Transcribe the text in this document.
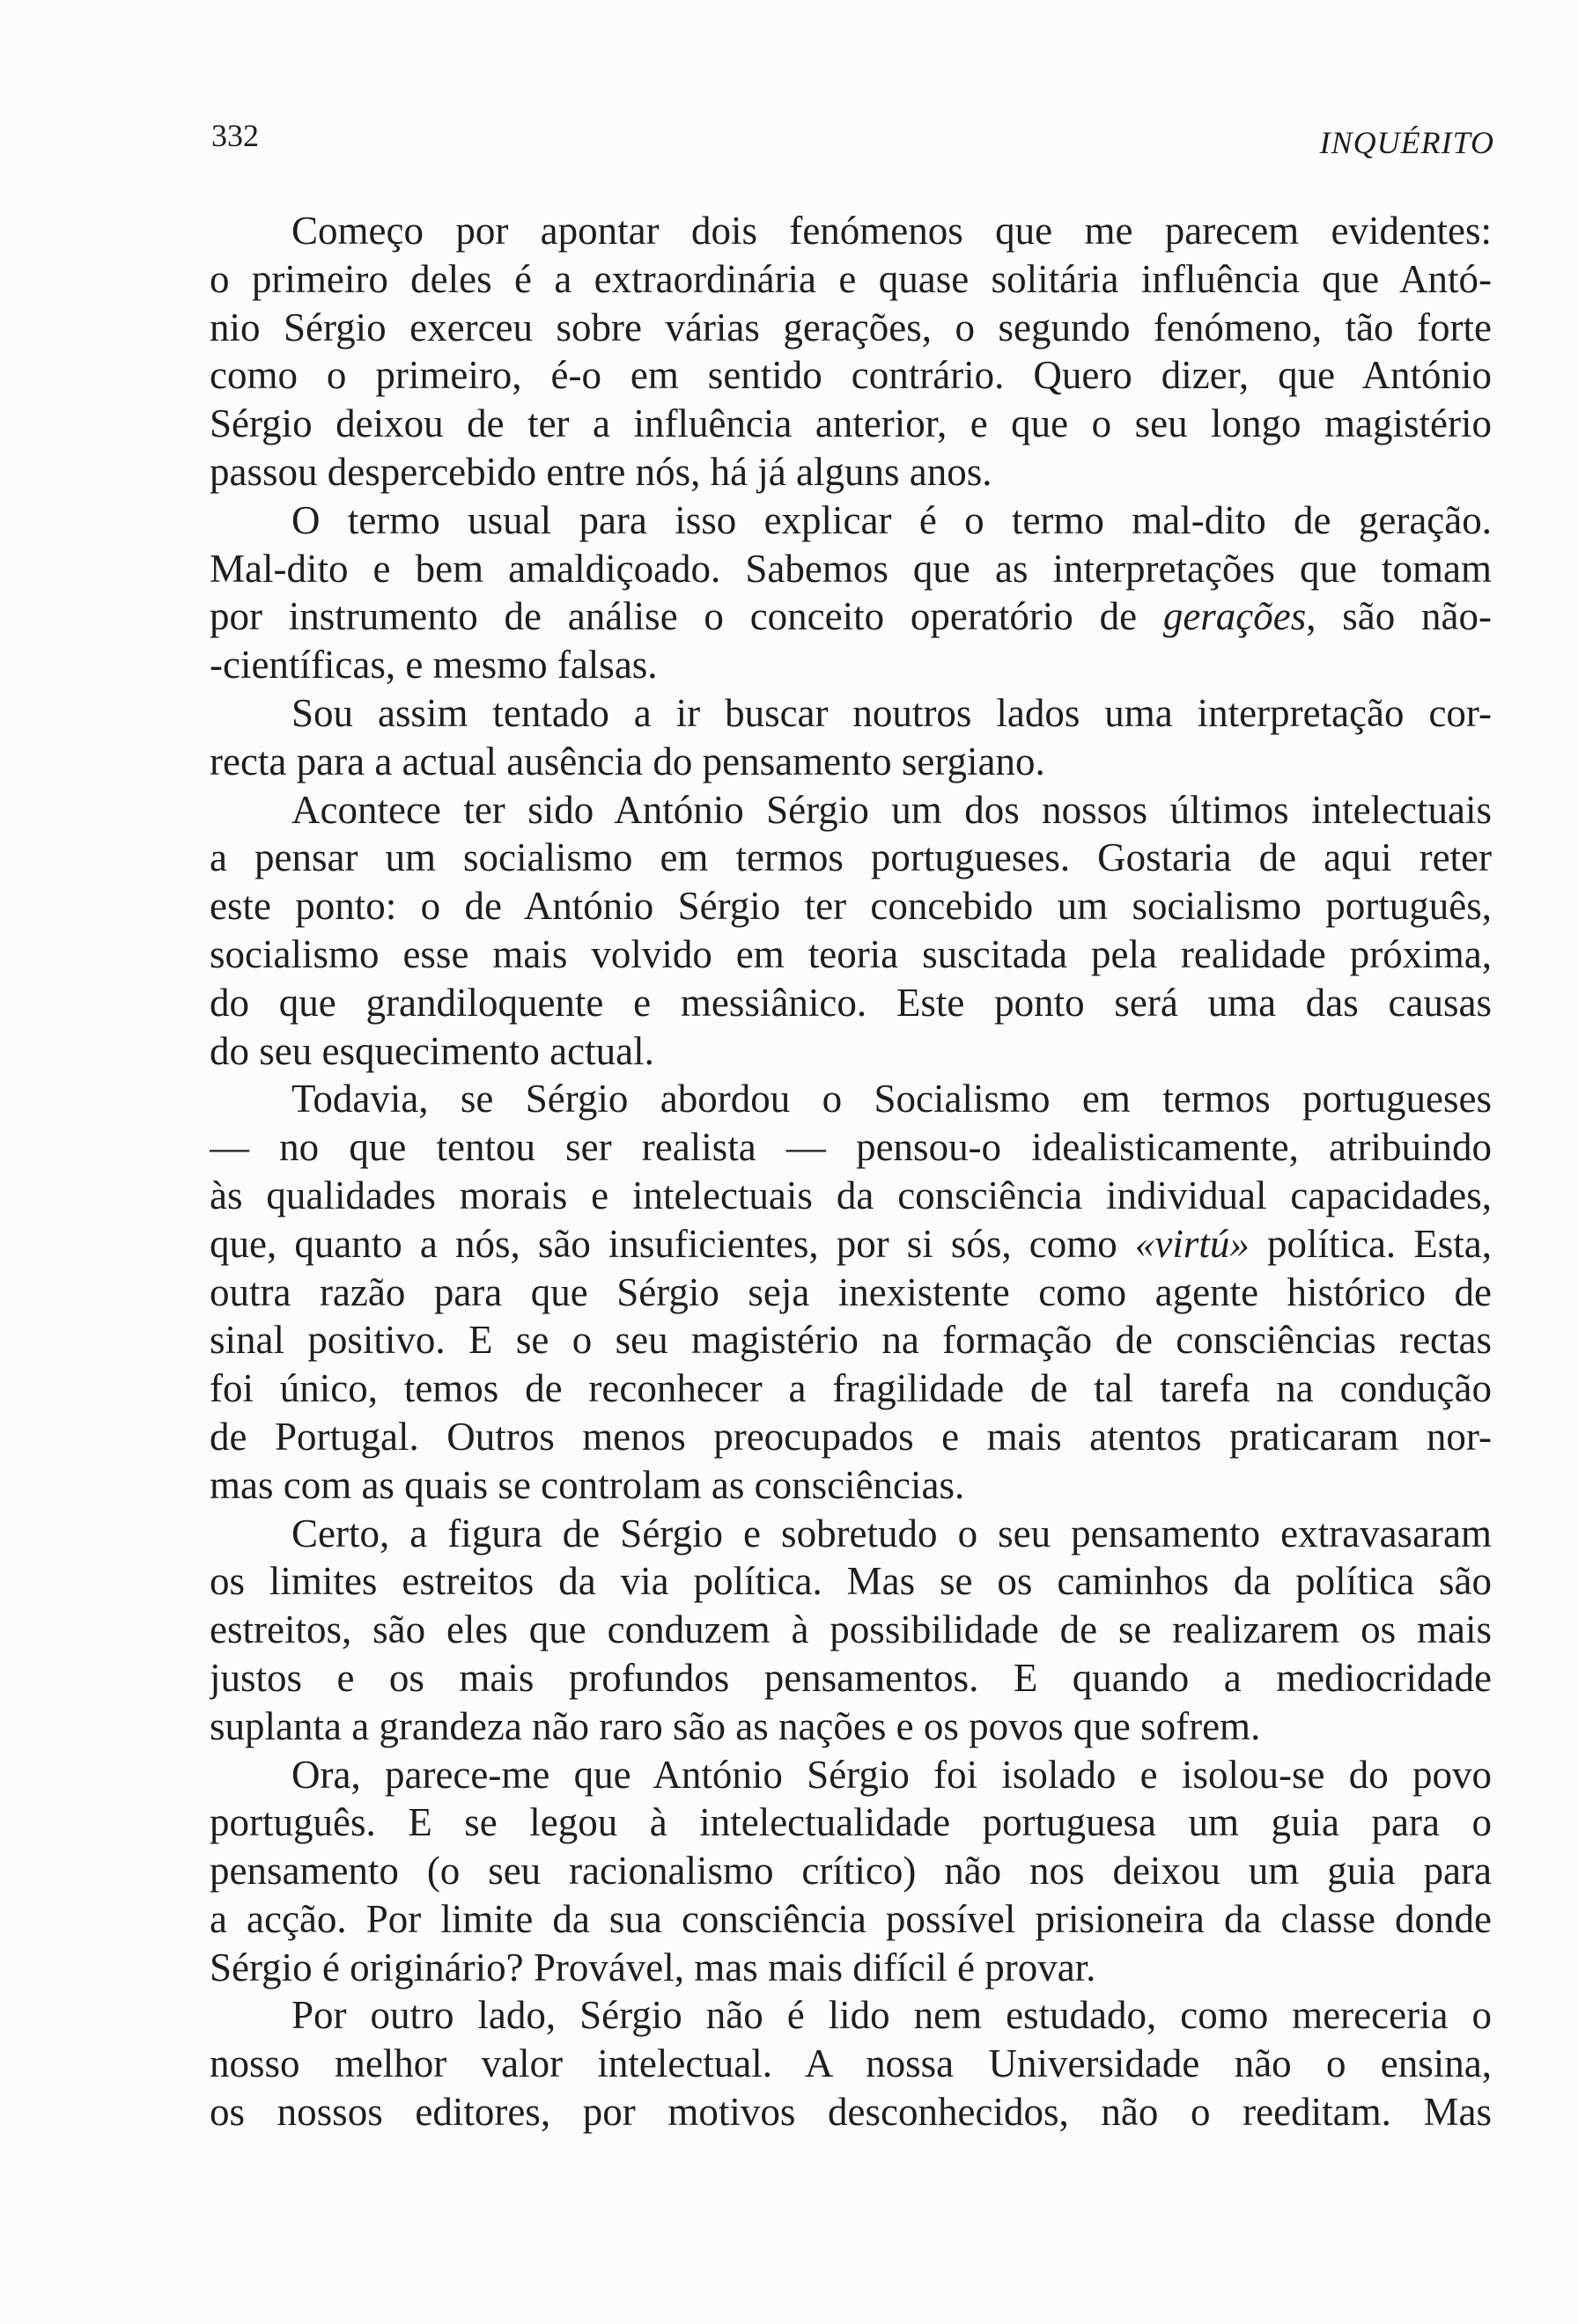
332	INQUÉRITO
Começo por apontar dois fenómenos que me parecem evidentes:
o primeiro deles é a extraordinária e quase solitária influência que Antó-
nio Sérgio exerceu sobre várias gerações, o segundo fenómeno, tão forte
como o primeiro, é-o em sentido contrário. Quero dizer, que António
Sérgio deixou de ter a influência anterior, e que o seu longo magistério
passou despercebido entre nós, há já alguns anos.
O termo usual para isso explicar é o termo mal-dito de geração.
Mal-dito e bem amaldiçoado. Sabemos que as interpretações que tomam
por instrumento de análise o conceito operatório de gerações, são não-
-científicas, e mesmo falsas.
Sou assim tentado a ir buscar noutros lados uma interpretação cor-
recta para a actual ausência do pensamento sergiano.
Acontece ter sido António Sérgio um dos nossos últimos intelectuais
a pensar um socialismo em termos portugueses. Gostaria de aqui reter
este ponto: o de António Sérgio ter concebido um socialismo português,
socialismo esse mais volvido em teoria suscitada pela realidade próxima,
do que grandiloquente e messiânico. Este ponto será uma das causas
do seu esquecimento actual.
Todavia, se Sérgio abordou o Socialismo em termos portugueses
— no que tentou ser realista — pensou-o idealisticamente, atribuindo
às qualidades morais e intelectuais da consciência individual capacidades,
que, quanto a nós, são insuficientes, por si sós, como «virtú» política. Esta,
outra razão para que Sérgio seja inexistente como agente histórico de
sinal positivo. E se o seu magistério na formação de consciências rectas
foi único, temos de reconhecer a fragilidade de tal tarefa na condução
de Portugal. Outros menos preocupados e mais atentos praticaram nor-
mas com as quais se controlam as consciências.
Certo, a figura de Sérgio e sobretudo o seu pensamento extravasaram
os limites estreitos da via política. Mas se os caminhos da política são
estreitos, são eles que conduzem à possibilidade de se realizarem os mais
justos e os mais profundos pensamentos. E quando a mediocridade
suplanta a grandeza não raro são as nações e os povos que sofrem.
Ora, parece-me que António Sérgio foi isolado e isolou-se do povo
português. E se legou à intelectualidade portuguesa um guia para o
pensamento (o seu racionalismo crítico) não nos deixou um guia para
a acção. Por limite da sua consciência possível prisioneira da classe donde
Sérgio é originário? Provável, mas mais difícil é provar.
Por outro lado, Sérgio não é lido nem estudado, como mereceria o
nosso melhor valor intelectual. A nossa Universidade não o ensina,
os nossos editores, por motivos desconhecidos, não o reeditam. Mas
